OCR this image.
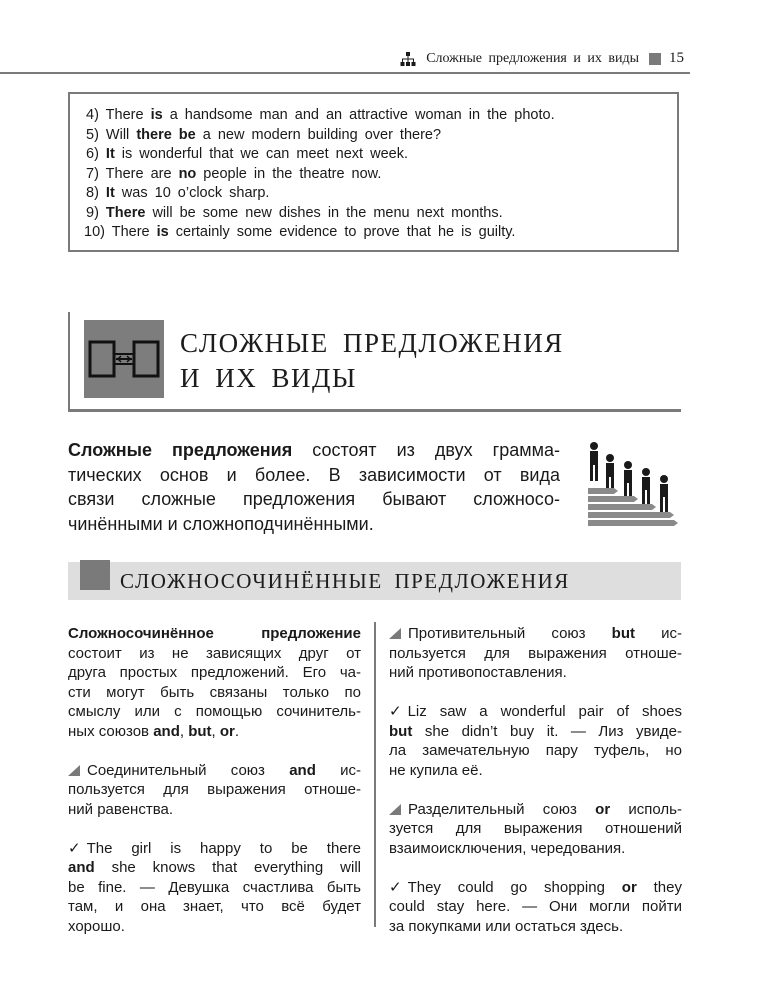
Сложные предложения и их виды 15
4) There is a handsome man and an attractive woman in the photo.
5) Will there be a new modern building over there?
6) It is wonderful that we can meet next week.
7) There are no people in the theatre now.
8) It was 10 o’clock sharp.
9) There will be some new dishes in the menu next months.
10) There is certainly some evidence to prove that he is guilty.
СЛОЖНЫЕ ПРЕДЛОЖЕНИЯ
И ИХ ВИДЫ
Сложные предложения состоят из двух грамма-
тических основ и более. В зависимости от вида
связи сложные предложения бывают сложносо-
чинёнными и сложноподчинёнными.
СЛОЖНОСОЧИНЁННЫЕ ПРЕДЛОЖЕНИЯ
Сложносочинённое предложение
состоит из не зависящих друг от
друга простых предложений. Его ча-
сти могут быть связаны только по
смыслу или с помощью сочинитель-
ных союзов and, but, or.
Соединительный союз and ис-
пользуется для выражения отноше-
ний равенства.
✓ The girl is happy to be there
and she knows that everything will
be fine. — Девушка счастлива быть
там, и она знает, что всё будет
хорошо.
Противительный союз but ис-
пользуется для выражения отноше-
ний противопоставления.
✓ Liz saw a wonderful pair of shoes
but she didn’t buy it. — Лиз увиде-
ла замечательную пару туфель, но
не купила её.
Разделительный союз or исполь-
зуется для выражения отношений
взаимоисключения, чередования.
✓ They could go shopping or they
could stay here. — Они могли пойти
за покупками или остаться здесь.
